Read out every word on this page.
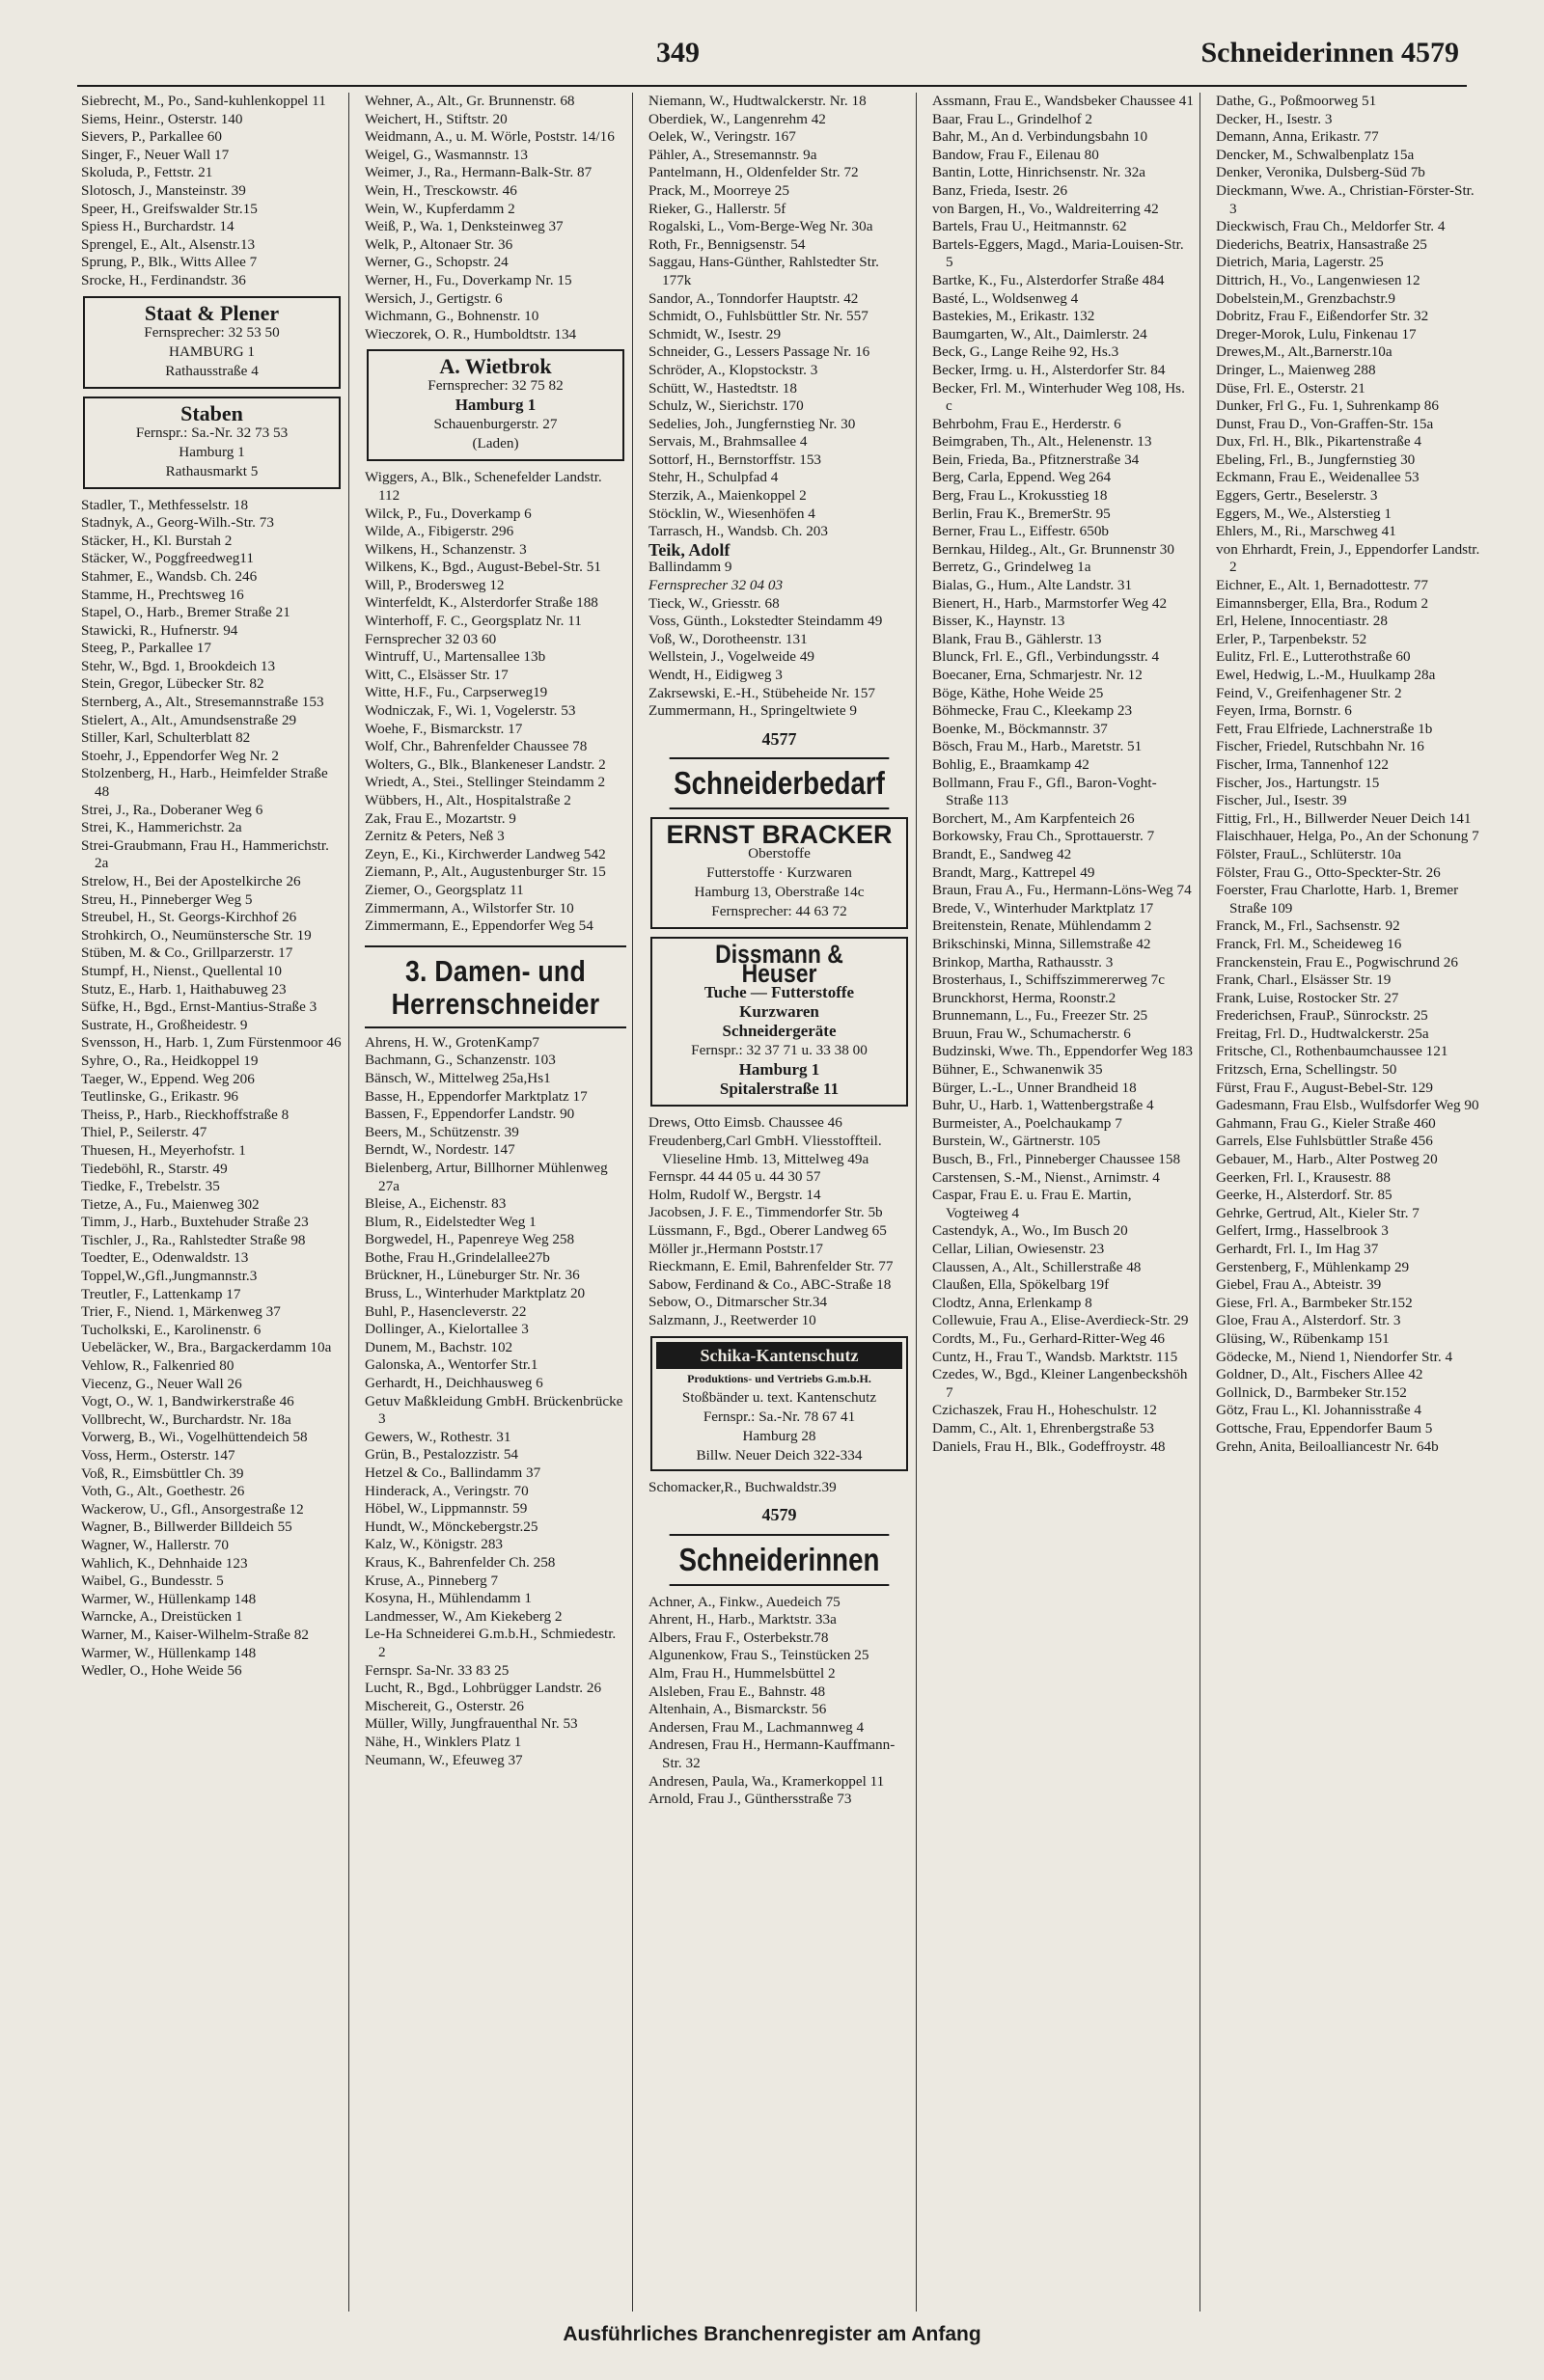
349	Schneiderinnen 4579

Siebrecht, M., Po., Sand-kuhlenkoppel 11

Siems, Heinr., Osterstr. 140

Sievers, P., Parkallee 60

Singer, F., Neuer Wall 17

Skoluda, P., Fettstr. 21

Slotosch, J., Mansteinstr. 39

Speer, H., Greifswalder Str.15

Spiess H., Burchardstr. 14

Sprengel, E., Alt., Alsenstr.13

Sprung, P., Blk., Witts Allee 7

Srocke, H., Ferdinandstr. 36

Staat & Plener
Fernsprecher: 32 53 50
HAMBURG 1
Rathausstraße 4
Staben
Fernspr.: Sa.-Nr. 32 73 53
Hamburg 1
Rathausmarkt 5

Stadler, T., Methfesselstr. 18

Stadnyk, A., Georg-Wilh.-Str. 73

Stäcker, H., Kl. Burstah 2

Stäcker, W., Poggfreedweg11

Stahmer, E., Wandsb. Ch. 246

Stamme, H., Prechtsweg 16

Stapel, O., Harb., Bremer Straße 21

Stawicki, R., Hufnerstr. 94

Steeg, P., Parkallee 17

Stehr, W., Bgd. 1, Brookdeich 13

Stein, Gregor, Lübecker Str. 82

Sternberg, A., Alt., Stresemannstraße 153

Stielert, A., Alt., Amundsenstraße 29

Stiller, Karl, Schulterblatt 82

Stoehr, J., Eppendorfer Weg Nr. 2

Stolzenberg, H., Harb., Heimfelder Straße 48

Strei, J., Ra., Doberaner Weg 6

Strei, K., Hammerichstr. 2a

Strei-Graubmann, Frau H., Hammerichstr. 2a

Strelow, H., Bei der Apostelkirche 26

Streu, H., Pinneberger Weg 5

Streubel, H., St. Georgs-Kirchhof 26

Strohkirch, O., Neumünstersche Str. 19

Stüben, M. & Co., Grillparzerstr. 17

Stumpf, H., Nienst., Quellental 10

Stutz, E., Harb. 1, Haithabuweg 23

Süfke, H., Bgd., Ernst-Mantius-Straße 3

Sustrate, H., Großheidestr. 9

Svensson, H., Harb. 1, Zum Fürstenmoor 46

Syhre, O., Ra., Heidkoppel 19

Taeger, W., Eppend. Weg 206

Teutlinske, G., Erikastr. 96

Theiss, P., Harb., Rieckhoffstraße 8

Thiel, P., Seilerstr. 47

Thuesen, H., Meyerhofstr. 1

Tiedeböhl, R., Starstr. 49

Tiedke, F., Trebelstr. 35

Tietze, A., Fu., Maienweg 302

Timm, J., Harb., Buxtehuder Straße 23

Tischler, J., Ra., Rahlstedter Straße 98

Toedter, E., Odenwaldstr. 13

Toppel,W.,Gfl.,Jungmannstr.3

Treutler, F., Lattenkamp 17

Trier, F., Niend. 1, Märkenweg 37

Tucholkski, E., Karolinenstr. 6

Uebeläcker, W., Bra., Bargackerdamm 10a

Vehlow, R., Falkenried 80

Viecenz, G., Neuer Wall 26

Vogt, O., W. 1, Bandwirkerstraße 46

Vollbrecht, W., Burchardstr. Nr. 18a

Vorwerg, B., Wi., Vogelhüttendeich 58

Voss, Herm., Osterstr. 147

Voß, R., Eimsbüttler Ch. 39

Voth, G., Alt., Goethestr. 26

Wackerow, U., Gfl., Ansorgestraße 12

Wagner, B., Billwerder Billdeich 55

Wagner, W., Hallerstr. 70

Wahlich, K., Dehnhaide 123

Waibel, G., Bundesstr. 5

Warmer, W., Hüllenkamp 148

Warncke, A., Dreistücken 1

Warner, M., Kaiser-Wilhelm-Straße 82

Warmer, W., Hüllenkamp 148

Wedler, O., Hohe Weide 56

Wehner, A., Alt., Gr. Brunnenstr. 68

Weichert, H., Stiftstr. 20

Weidmann, A., u. M. Wörle, Poststr. 14/16

Weigel, G., Wasmannstr. 13

Weimer, J., Ra., Hermann-Balk-Str. 87

Wein, H., Tresckowstr. 46

Wein, W., Kupferdamm 2

Weiß, P., Wa. 1, Denksteinweg 37

Welk, P., Altonaer Str. 36

Werner, G., Schopstr. 24

Werner, H., Fu., Doverkamp Nr. 15

Wersich, J., Gertigstr. 6

Wichmann, G., Bohnenstr. 10

Wieczorek, O. R., Humboldtstr. 134

A. Wietbrok
Fernsprecher: 32 75 82
Hamburg 1
Schauenburgerstr. 27
(Laden)

Wiggers, A., Blk., Schenefelder Landstr. 112

Wilck, P., Fu., Doverkamp 6

Wilde, A., Fibigerstr. 296

Wilkens, H., Schanzenstr. 3

Wilkens, K., Bgd., August-Bebel-Str. 51

Will, P., Brodersweg 12

Winterfeldt, K., Alsterdorfer Straße 188

Winterhoff, F. C., Georgsplatz Nr. 11

Fernsprecher 32 03 60

Wintruff, U., Martensallee 13b

Witt, C., Elsässer Str. 17

Witte, H.F., Fu., Carpserweg19

Wodniczak, F., Wi. 1, Vogelerstr. 53

Woehe, F., Bismarckstr. 17

Wolf, Chr., Bahrenfelder Chaussee 78

Wolters, G., Blk., Blankeneser Landstr. 2

Wriedt, A., Stei., Stellinger Steindamm 2

Wübbers, H., Alt., Hospitalstraße 2

Zak, Frau E., Mozartstr. 9

Zernitz & Peters, Neß 3

Zeyn, E., Ki., Kirchwerder Landweg 542

Ziemann, P., Alt., Augustenburger Str. 15

Ziemer, O., Georgsplatz 11

Zimmermann, A., Wilstorfer Str. 10

Zimmermann, E., Eppendorfer Weg 54

3. Damen- und Herrenschneider

Ahrens, H. W., GrotenKamp7

Bachmann, G., Schanzenstr. 103

Bänsch, W., Mittelweg 25a,Hs1

Basse, H., Eppendorfer Marktplatz 17

Bassen, F., Eppendorfer Landstr. 90

Beers, M., Schützenstr. 39

Berndt, W., Nordestr. 147

Bielenberg, Artur, Billhorner Mühlenweg 27a

Bleise, A., Eichenstr. 83

Blum, R., Eidelstedter Weg 1

Borgwedel, H., Papenreye Weg 258

Bothe, Frau H.,Grindelallee27b

Brückner, H., Lüneburger Str. Nr. 36

Bruss, L., Winterhuder Marktplatz 20

Buhl, P., Hasencleverstr. 22

Dollinger, A., Kielortallee 3

Dunem, M., Bachstr. 102

Galonska, A., Wentorfer Str.1

Gerhardt, H., Deichhausweg 6

Getuv Maßkleidung GmbH. Brückenbrücke 3

Gewers, W., Rothestr. 31

Grün, B., Pestalozzistr. 54

Hetzel & Co., Ballindamm 37

Hinderack, A., Veringstr. 70

Höbel, W., Lippmannstr. 59

Hundt, W., Mönckebergstr.25

Kalz, W., Königstr. 283

Kraus, K., Bahrenfelder Ch. 258

Kruse, A., Pinneberg 7

Kosyna, H., Mühlendamm 1

Landmesser, W., Am Kiekeberg 2

Le-Ha Schneiderei G.m.b.H., Schmiedestr. 2

Fernspr. Sa-Nr. 33 83 25

Lucht, R., Bgd., Lohbrügger Landstr. 26

Mischereit, G., Osterstr. 26

Müller, Willy, Jungfrauenthal Nr. 53

Nähe, H., Winklers Platz 1

Neumann, W., Efeuweg 37

Niemann, W., Hudtwalckerstr. Nr. 18

Oberdiek, W., Langenrehm 42

Oelek, W., Veringstr. 167

Pähler, A., Stresemannstr. 9a

Pantelmann, H., Oldenfelder Str. 72

Prack, M., Moorreye 25

Rieker, G., Hallerstr. 5f

Rogalski, L., Vom-Berge-Weg Nr. 30a

Roth, Fr., Bennigsenstr. 54

Saggau, Hans-Günther, Rahlstedter Str. 177k

Sandor, A., Tonndorfer Hauptstr. 42

Schmidt, O., Fuhlsbüttler Str. Nr. 557

Schmidt, W., Isestr. 29

Schneider, G., Lessers Passage Nr. 16

Schröder, A., Klopstockstr. 3

Schütt, W., Hastedtstr. 18

Schulz, W., Sierichstr. 170

Sedelies, Joh., Jungfernstieg Nr. 30

Servais, M., Brahmsallee 4

Sottorf, H., Bernstorffstr. 153

Stehr, H., Schulpfad 4

Sterzik, A., Maienkoppel 2

Stöcklin, W., Wiesenhöfen 4

Tarrasch, H., Wandsb. Ch. 203

Teik, Adolf

Ballindamm 9

Fernsprecher 32 04 03

Tieck, W., Griesstr. 68

Voss, Günth., Lokstedter Steindamm 49

Voß, W., Dorotheenstr. 131

Wellstein, J., Vogelweide 49

Wendt, H., Eidigweg 3

Zakrsewski, E.-H., Stübeheide Nr. 157

Zummermann, H., Springeltwiete 9

4577
Schneiderbedarf
ERNST BRACKER
Oberstoffe
Futterstoffe · Kurzwaren
Hamburg 13, Oberstraße 14c
Fernsprecher: 44 63 72
Dissmann & Heuser
Tuche — Futterstoffe
Kurzwaren
Schneidergeräte
Fernspr.: 32 37 71 u. 33 38 00
Hamburg 1
Spitalerstraße 11

Drews, Otto Eimsb. Chaussee 46

Freudenberg,Carl GmbH. Vliesstoffteil. Vlieseline Hmb. 13, Mittelweg 49a

Fernspr. 44 44 05 u. 44 30 57

Holm, Rudolf W., Bergstr. 14

Jacobsen, J. F. E., Timmendorfer Str. 5b

Lüssmann, F., Bgd., Oberer Landweg 65

Möller jr.,Hermann Poststr.17

Rieckmann, E. Emil, Bahrenfelder Str. 77

Sabow, Ferdinand & Co., ABC-Straße 18

Sebow, O., Ditmarscher Str.34

Salzmann, J., Reetwerder 10

Schika-Kantenschutz
Produktions- und Vertriebs G.m.b.H.
Stoßbänder u. text. Kantenschutz
Fernspr.: Sa.-Nr. 78 67 41
Hamburg 28
Billw. Neuer Deich 322-334

Schomacker,R., Buchwaldstr.39

4579
Schneiderinnen

Achner, A., Finkw., Auedeich 75

Ahrent, H., Harb., Marktstr. 33a

Albers, Frau F., Osterbekstr.78

Algunenkow, Frau S., Teinstücken 25

Alm, Frau H., Hummelsbüttel 2

Alsleben, Frau E., Bahnstr. 48

Altenhain, A., Bismarckstr. 56

Andersen, Frau M., Lachmannweg 4

Andresen, Frau H., Hermann-Kauffmann-Str. 32

Andresen, Paula, Wa., Kramerkoppel 11

Arnold, Frau J., Günthersstraße 73

Assmann, Frau E., Wandsbeker Chaussee 41

Baar, Frau L., Grindelhof 2

Bahr, M., An d. Verbindungsbahn 10

Bandow, Frau F., Eilenau 80

Bantin, Lotte, Hinrichsenstr. Nr. 32a

Banz, Frieda, Isestr. 26

von Bargen, H., Vo., Waldreiterring 42

Bartels, Frau U., Heitmannstr. 62

Bartels-Eggers, Magd., Maria-Louisen-Str. 5

Bartke, K., Fu., Alsterdorfer Straße 484

Basté, L., Woldsenweg 4

Bastekies, M., Erikastr. 132

Baumgarten, W., Alt., Daimlerstr. 24

Beck, G., Lange Reihe 92, Hs.3

Becker, Irmg. u. H., Alsterdorfer Str. 84

Becker, Frl. M., Winterhuder Weg 108, Hs. c

Behrbohm, Frau E., Herderstr. 6

Beimgraben, Th., Alt., Helenenstr. 13

Bein, Frieda, Ba., Pfitznerstraße 34

Berg, Carla, Eppend. Weg 264

Berg, Frau L., Krokusstieg 18

Berlin, Frau K., BremerStr. 95

Berner, Frau L., Eiffestr. 650b

Bernkau, Hildeg., Alt., Gr. Brunnenstr 30

Berretz, G., Grindelweg 1a

Bialas, G., Hum., Alte Landstr. 31

Bienert, H., Harb., Marmstorfer Weg 42

Bisser, K., Haynstr. 13

Blank, Frau B., Gählerstr. 13

Blunck, Frl. E., Gfl., Verbindungsstr. 4

Boecaner, Erna, Schmarjestr. Nr. 12

Böge, Käthe, Hohe Weide 25

Böhmecke, Frau C., Kleekamp 23

Boenke, M., Böckmannstr. 37

Bösch, Frau M., Harb., Maretstr. 51

Bohlig, E., Braamkamp 42

Bollmann, Frau F., Gfl., Baron-Voght-Straße 113

Borchert, M., Am Karpfenteich 26

Borkowsky, Frau Ch., Sprottauerstr. 7

Brandt, E., Sandweg 42

Brandt, Marg., Kattrepel 49

Braun, Frau A., Fu., Hermann-Löns-Weg 74

Brede, V., Winterhuder Marktplatz 17

Breitenstein, Renate, Mühlendamm 2

Brikschinski, Minna, Sillemstraße 42

Brinkop, Martha, Rathausstr. 3

Brosterhaus, I., Schiffszimmererweg 7c

Brunckhorst, Herma, Roonstr.2

Brunnemann, L., Fu., Freezer Str. 25

Bruun, Frau W., Schumacherstr. 6

Budzinski, Wwe. Th., Eppendorfer Weg 183

Bühner, E., Schwanenwik 35

Bürger, L.-L., Unner Brandheid 18

Buhr, U., Harb. 1, Wattenbergstraße 4

Burmeister, A., Poelchaukamp 7

Burstein, W., Gärtnerstr. 105

Busch, B., Frl., Pinneberger Chaussee 158

Carstensen, S.-M., Nienst., Arnimstr. 4

Caspar, Frau E. u. Frau E. Martin, Vogteiweg 4

Castendyk, A., Wo., Im Busch 20

Cellar, Lilian, Owiesenstr. 23

Claussen, A., Alt., Schillerstraße 48

Claußen, Ella, Spökelbarg 19f

Clodtz, Anna, Erlenkamp 8

Collewuie, Frau A., Elise-Averdieck-Str. 29

Cordts, M., Fu., Gerhard-Ritter-Weg 46

Cuntz, H., Frau T., Wandsb. Marktstr. 115

Czedes, W., Bgd., Kleiner Langenbeckshöh 7

Czichaszek, Frau H., Hoheschulstr. 12

Damm, C., Alt. 1, Ehrenbergstraße 53

Daniels, Frau H., Blk., Godeffroystr. 48

Dathe, G., Poßmoorweg 51

Decker, H., Isestr. 3

Demann, Anna, Erikastr. 77

Dencker, M., Schwalbenplatz 15a

Denker, Veronika, Dulsberg-Süd 7b

Dieckmann, Wwe. A., Christian-Förster-Str. 3

Dieckwisch, Frau Ch., Meldorfer Str. 4

Diederichs, Beatrix, Hansastraße 25

Dietrich, Maria, Lagerstr. 25

Dittrich, H., Vo., Langenwiesen 12

Dobelstein,M., Grenzbachstr.9

Dobritz, Frau F., Eißendorfer Str. 32

Dreger-Morok, Lulu, Finkenau 17

Drewes,M., Alt.,Barnerstr.10a

Dringer, L., Maienweg 288

Düse, Frl. E., Osterstr. 21

Dunker, Frl G., Fu. 1, Suhrenkamp 86

Dunst, Frau D., Von-Graffen-Str. 15a

Dux, Frl. H., Blk., Pikartenstraße 4

Ebeling, Frl., B., Jungfernstieg 30

Eckmann, Frau E., Weidenallee 53

Eggers, Gertr., Beselerstr. 3

Eggers, M., We., Alsterstieg 1

Ehlers, M., Ri., Marschweg 41

von Ehrhardt, Frein, J., Eppendorfer Landstr. 2

Eichner, E., Alt. 1, Bernadottestr. 77

Eimannsberger, Ella, Bra., Rodum 2

Erl, Helene, Innocentiastr. 28

Erler, P., Tarpenbekstr. 52

Eulitz, Frl. E., Lutterothstraße 60

Ewel, Hedwig, L.-M., Huulkamp 28a

Feind, V., Greifenhagener Str. 2

Feyen, Irma, Bornstr. 6

Fett, Frau Elfriede, Lachnerstraße 1b

Fischer, Friedel, Rutschbahn Nr. 16

Fischer, Irma, Tannenhof 122

Fischer, Jos., Hartungstr. 15

Fischer, Jul., Isestr. 39

Fittig, Frl., H., Billwerder Neuer Deich 141

Flaischhauer, Helga, Po., An der Schonung 7

Fölster, FrauL., Schlüterstr. 10a

Fölster, Frau G., Otto-Speckter-Str. 26

Foerster, Frau Charlotte, Harb. 1, Bremer Straße 109

Franck, M., Frl., Sachsenstr. 92

Franck, Frl. M., Scheideweg 16

Franckenstein, Frau E., Pogwischrund 26

Frank, Charl., Elsässer Str. 19

Frank, Luise, Rostocker Str. 27

Frederichsen, FrauP., Sünrockstr. 25

Freitag, Frl. D., Hudtwalckerstr. 25a

Fritsche, Cl., Rothenbaumchaussee 121

Fritzsch, Erna, Schellingstr. 50

Fürst, Frau F., August-Bebel-Str. 129

Gadesmann, Frau Elsb., Wulfsdorfer Weg 90

Gahmann, Frau G., Kieler Straße 460

Garrels, Else Fuhlsbüttler Straße 456

Gebauer, M., Harb., Alter Postweg 20

Geerken, Frl. I., Krausestr. 88

Geerke, H., Alsterdorf. Str. 85

Gehrke, Gertrud, Alt., Kieler Str. 7

Gelfert, Irmg., Hasselbrook 3

Gerhardt, Frl. I., Im Hag 37

Gerstenberg, F., Mühlenkamp 29

Giebel, Frau A., Abteistr. 39

Giese, Frl. A., Barmbeker Str.152

Gloe, Frau A., Alsterdorf. Str. 3

Glüsing, W., Rübenkamp 151

Gödecke, M., Niend 1, Niendorfer Str. 4

Goldner, D., Alt., Fischers Allee 42

Gollnick, D., Barmbeker Str.152

Götz, Frau L., Kl. Johannisstraße 4

Gottsche, Frau, Eppendorfer Baum 5

Grehn, Anita, Beiloalliancestr Nr. 64b

Ausführliches Branchenregister am Anfang
